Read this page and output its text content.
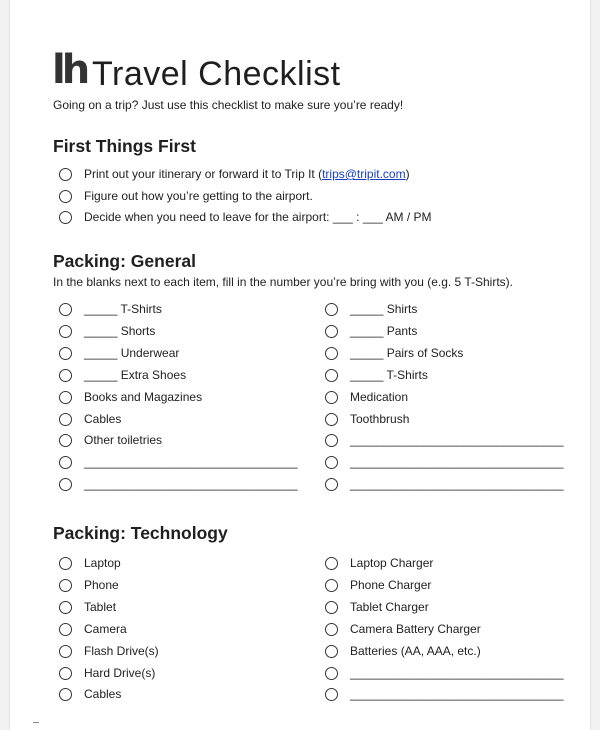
lh Travel Checklist
Going on a trip? Just use this checklist to make sure you’re ready!
First Things First
Print out your itinerary or forward it to Trip It ( trips@tripit.com )
Figure out how you’re getting to the airport.
Decide when you need to leave for the airport: ___ : ___ AM / PM
Packing: General
In the blanks next to each item, fill in the number you’re bring with you (e.g. 5 T-Shirts).
_____ T-Shirts
_____ Shorts
_____ Underwear
_____ Extra Shoes
Books and Magazines
Cables
Other toiletries
________________________________
________________________________
_____ Shirts
_____ Pants
_____ Pairs of Socks
_____ T-Shirts
Medication
Toothbrush
________________________________
________________________________
________________________________
Packing: Technology
Laptop
Phone
Tablet
Camera
Flash Drive(s)
Hard Drive(s)
Cables
Laptop Charger
Phone Charger
Tablet Charger
Camera Battery Charger
Batteries (AA, AAA, etc.)
________________________________
________________________________
